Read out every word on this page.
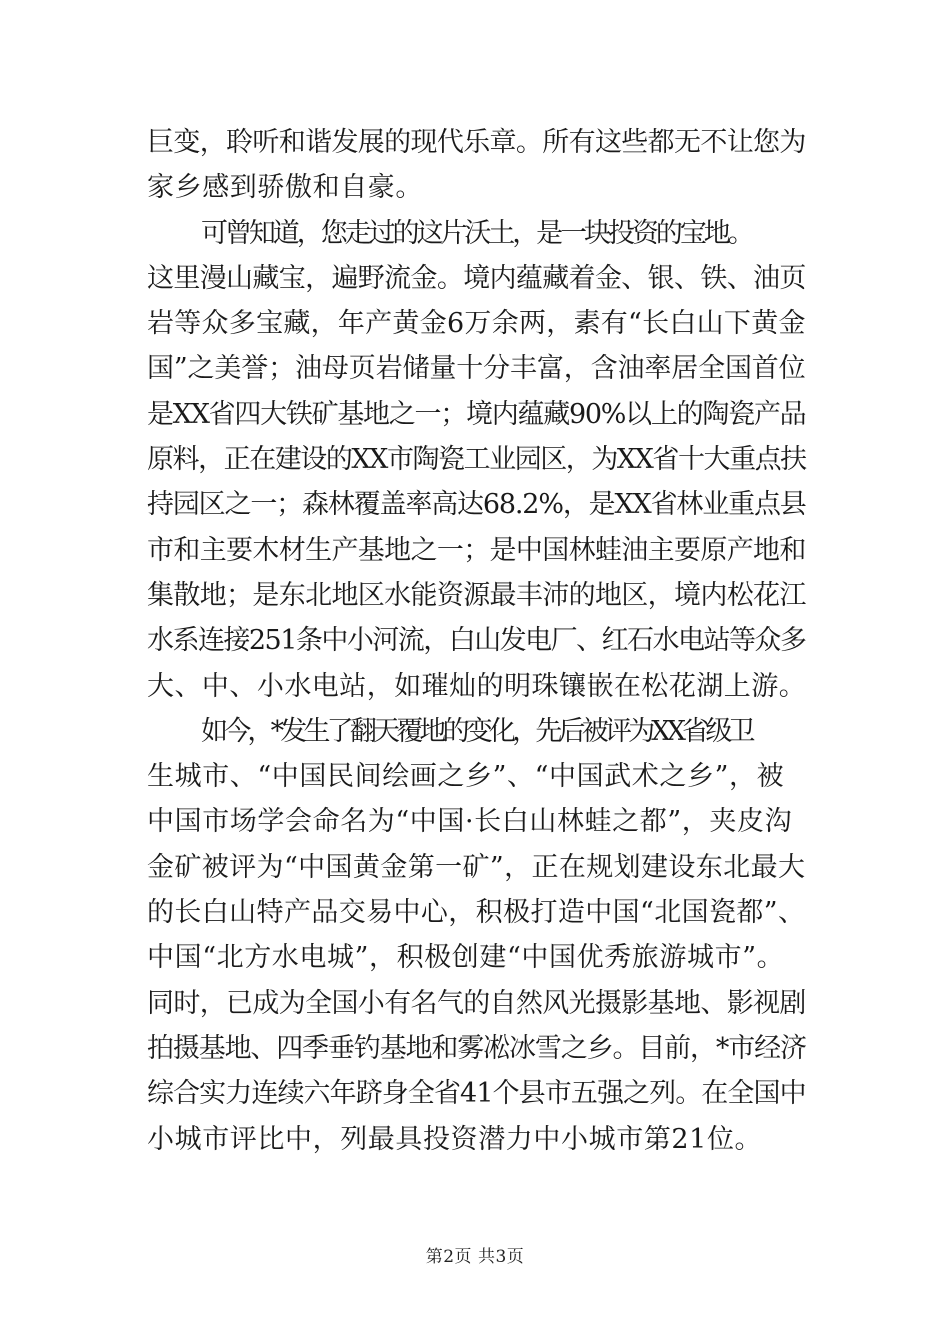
巨变，聆听和谐发展的现代乐章。所有这些都无不让您为
家乡感到骄傲和自豪。

可曾知道，您走过的这片沃土，是一块投资的宝地。
这里漫山藏宝，遍野流金。境内蕴藏着金、银、铁、油页
岩等众多宝藏，年产黄金6万余两，素有“长白山下黄金
国”之美誉；油母页岩储量十分丰富，含油率居全国首位
是XX省四大铁矿基地之一；境内蕴藏90%以上的陶瓷产品
原料，正在建设的XX市陶瓷工业园区，为XX省十大重点扶
持园区之一；森林覆盖率高达68.2%，是XX省林业重点县
市和主要木材生产基地之一；是中国林蛙油主要原产地和
集散地；是东北地区水能资源最丰沛的地区，境内松花江
水系连接251条中小河流，白山发电厂、红石水电站等众多
大、中、小水电站，如璀灿的明珠镶嵌在松花湖上游。

如今，*发生了翻天覆地的变化，先后被评为XX省级卫
生城市、“中国民间绘画之乡”、“中国武术之乡”，被
中国市场学会命名为“中国·长白山林蛙之都”，夹皮沟
金矿被评为“中国黄金第一矿”，正在规划建设东北最大
的长白山特产品交易中心，积极打造中国“北国瓷都”、
中国“北方水电城”，积极创建“中国优秀旅游城市”。
同时，已成为全国小有名气的自然风光摄影基地、影视剧
拍摄基地、四季垂钓基地和雾凇冰雪之乡。目前，*市经济
综合实力连续六年跻身全省41个县市五强之列。在全国中
小城市评比中，列最具投资潜力中小城市第21位。

第2页 共3页
